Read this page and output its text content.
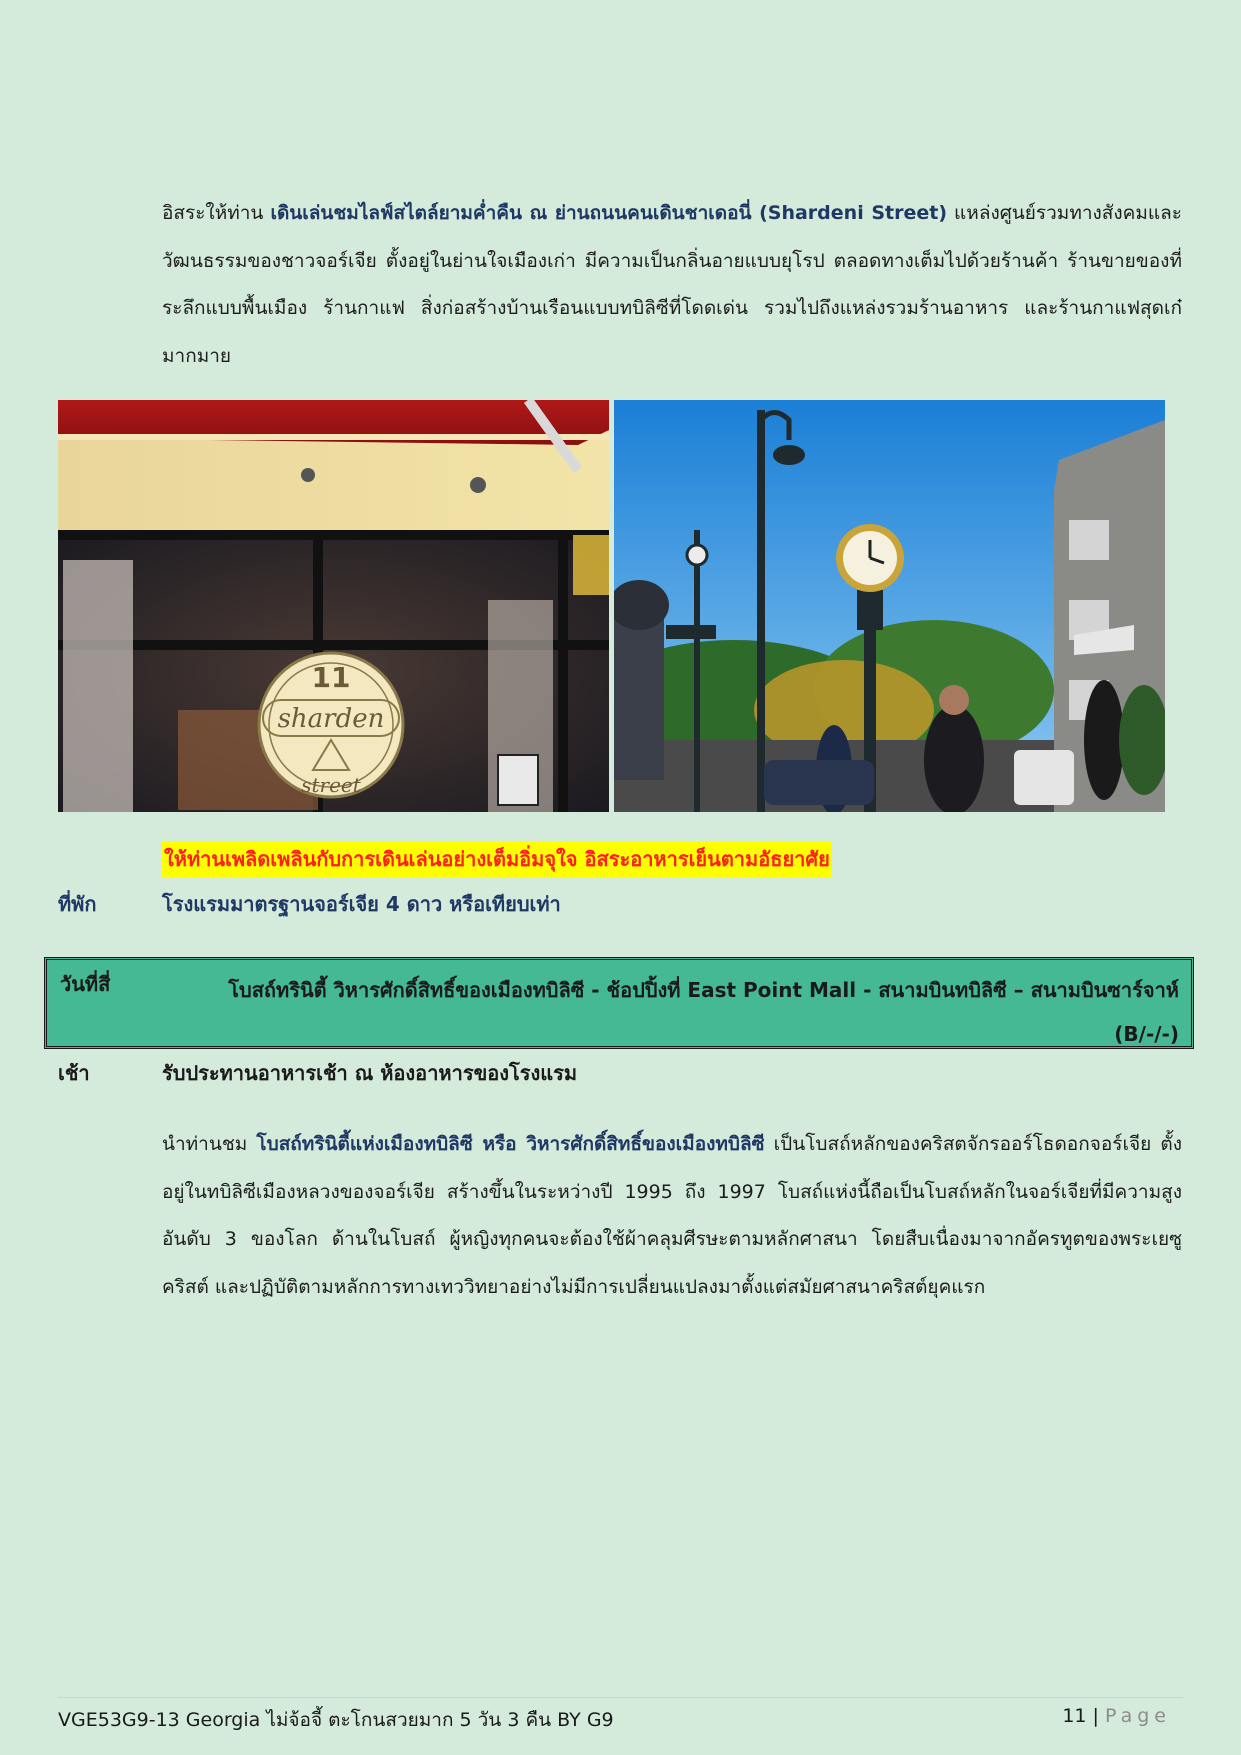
อิสระให้ท่าน เดินเล่นชมไลฟ์สไตล์ยามค่ำคืน ณ ย่านถนนคนเดินชาเดอนี่ (Shardeni Street) แหล่งศูนย์รวมทางสังคมและวัฒนธรรมของชาวจอร์เจีย ตั้งอยู่ในย่านใจเมืองเก่า มีความเป็นกลิ่นอายแบบยุโรป ตลอดทางเต็มไปด้วยร้านค้า ร้านขายของที่ระลึกแบบพื้นเมือง ร้านกาแฟ สิ่งก่อสร้างบ้านเรือนแบบทบิลิซีที่โดดเด่น รวมไปถึงแหล่งรวมร้านอาหาร และร้านกาแฟสุดเก๋มากมาย
11
sharden
street
ให้ท่านเพลิดเพลินกับการเดินเล่นอย่างเต็มอิ่มจุใจ อิสระอาหารเย็นตามอัธยาศัย
ที่พัก	โรงแรมมาตรฐานจอร์เจีย 4 ดาว หรือเทียบเท่า
วันที่สี่	โบสถ์ทรินิตี้ วิหารศักดิ์สิทธิ์ของเมืองทบิลิซี - ช้อปปิ้งที่ East Point Mall - สนามบินทบิลิซี – สนามบินซาร์จาห์ (B/-/-)
เช้า	รับประทานอาหารเช้า ณ ห้องอาหารของโรงแรม
นำท่านชม โบสถ์ทรินิตี้แห่งเมืองทบิลิซี หรือ วิหารศักดิ์สิทธิ์ของเมืองทบิลิซี เป็นโบสถ์หลักของคริสตจักรออร์โธดอกจอร์เจีย ตั้งอยู่ในทบิลิซีเมืองหลวงของจอร์เจีย สร้างขึ้นในระหว่างปี 1995 ถึง 1997 โบสถ์แห่งนี้ถือเป็นโบสถ์หลักในจอร์เจียที่มีความสูงอันดับ 3 ของโลก ด้านในโบสถ์ ผู้หญิงทุกคนจะต้องใช้ผ้าคลุมศีรษะตามหลักศาสนา โดยสืบเนื่องมาจากอัครทูตของพระเยซูคริสต์ และปฏิบัติตามหลักการทางเทววิทยาอย่างไม่มีการเปลี่ยนแปลงมาตั้งแต่สมัยศาสนาคริสต์ยุคแรก
VGE53G9-13 Georgia ไม่จ้อจี้ ตะโกนสวยมาก 5 วัน 3 คืน BY G9	11 | Page
